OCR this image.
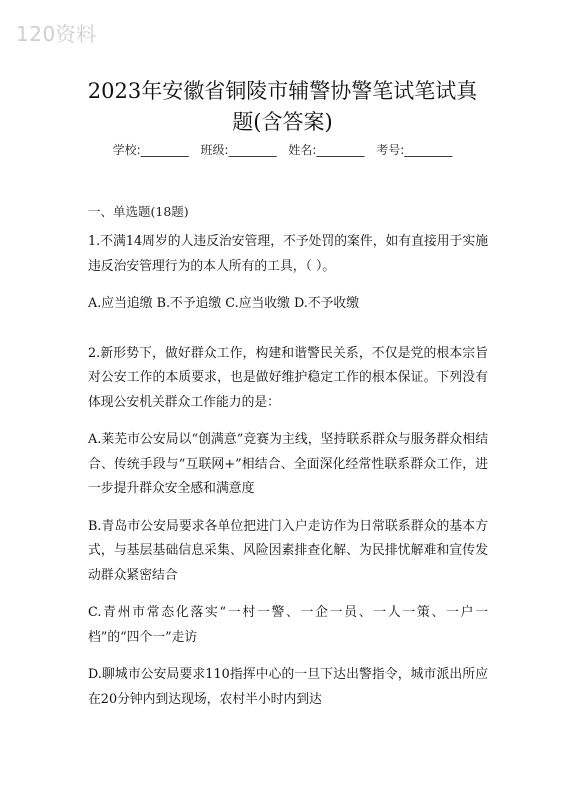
120资料
2023年安徽省铜陵市辅警协警笔试笔试真
题(含答案)
学校:________ 班级:________ 姓名:________ 考号:________
一、单选题(18题)

1.不满14周岁的人违反治安管理，不予处罚的案件，如有直接用于实施违反治安管理行为的本人所有的工具，（ ）。

A.应当追缴 B.不予追缴 C.应当收缴 D.不予收缴

2.新形势下，做好群众工作，构建和谐警民关系，不仅是党的根本宗旨对公安工作的本质要求，也是做好维护稳定工作的根本保证。下列没有体现公安机关群众工作能力的是：

A.莱芜市公安局以“创满意”竞赛为主线，坚持联系群众与服务群众相结合、传统手段与“互联网+”相结合、全面深化经常性联系群众工作，进一步提升群众安全感和满意度

B.青岛市公安局要求各单位把进门入户走访作为日常联系群众的基本方式，与基层基础信息采集、风险因素排查化解、为民排忧解难和宣传发动群众紧密结合

C.青州市常态化落实“一村一警、一企一员、一人一策、一户一档”的“四个一”走访

D.聊城市公安局要求110指挥中心的一旦下达出警指令，城市派出所应在20分钟内到达现场，农村半小时内到达
